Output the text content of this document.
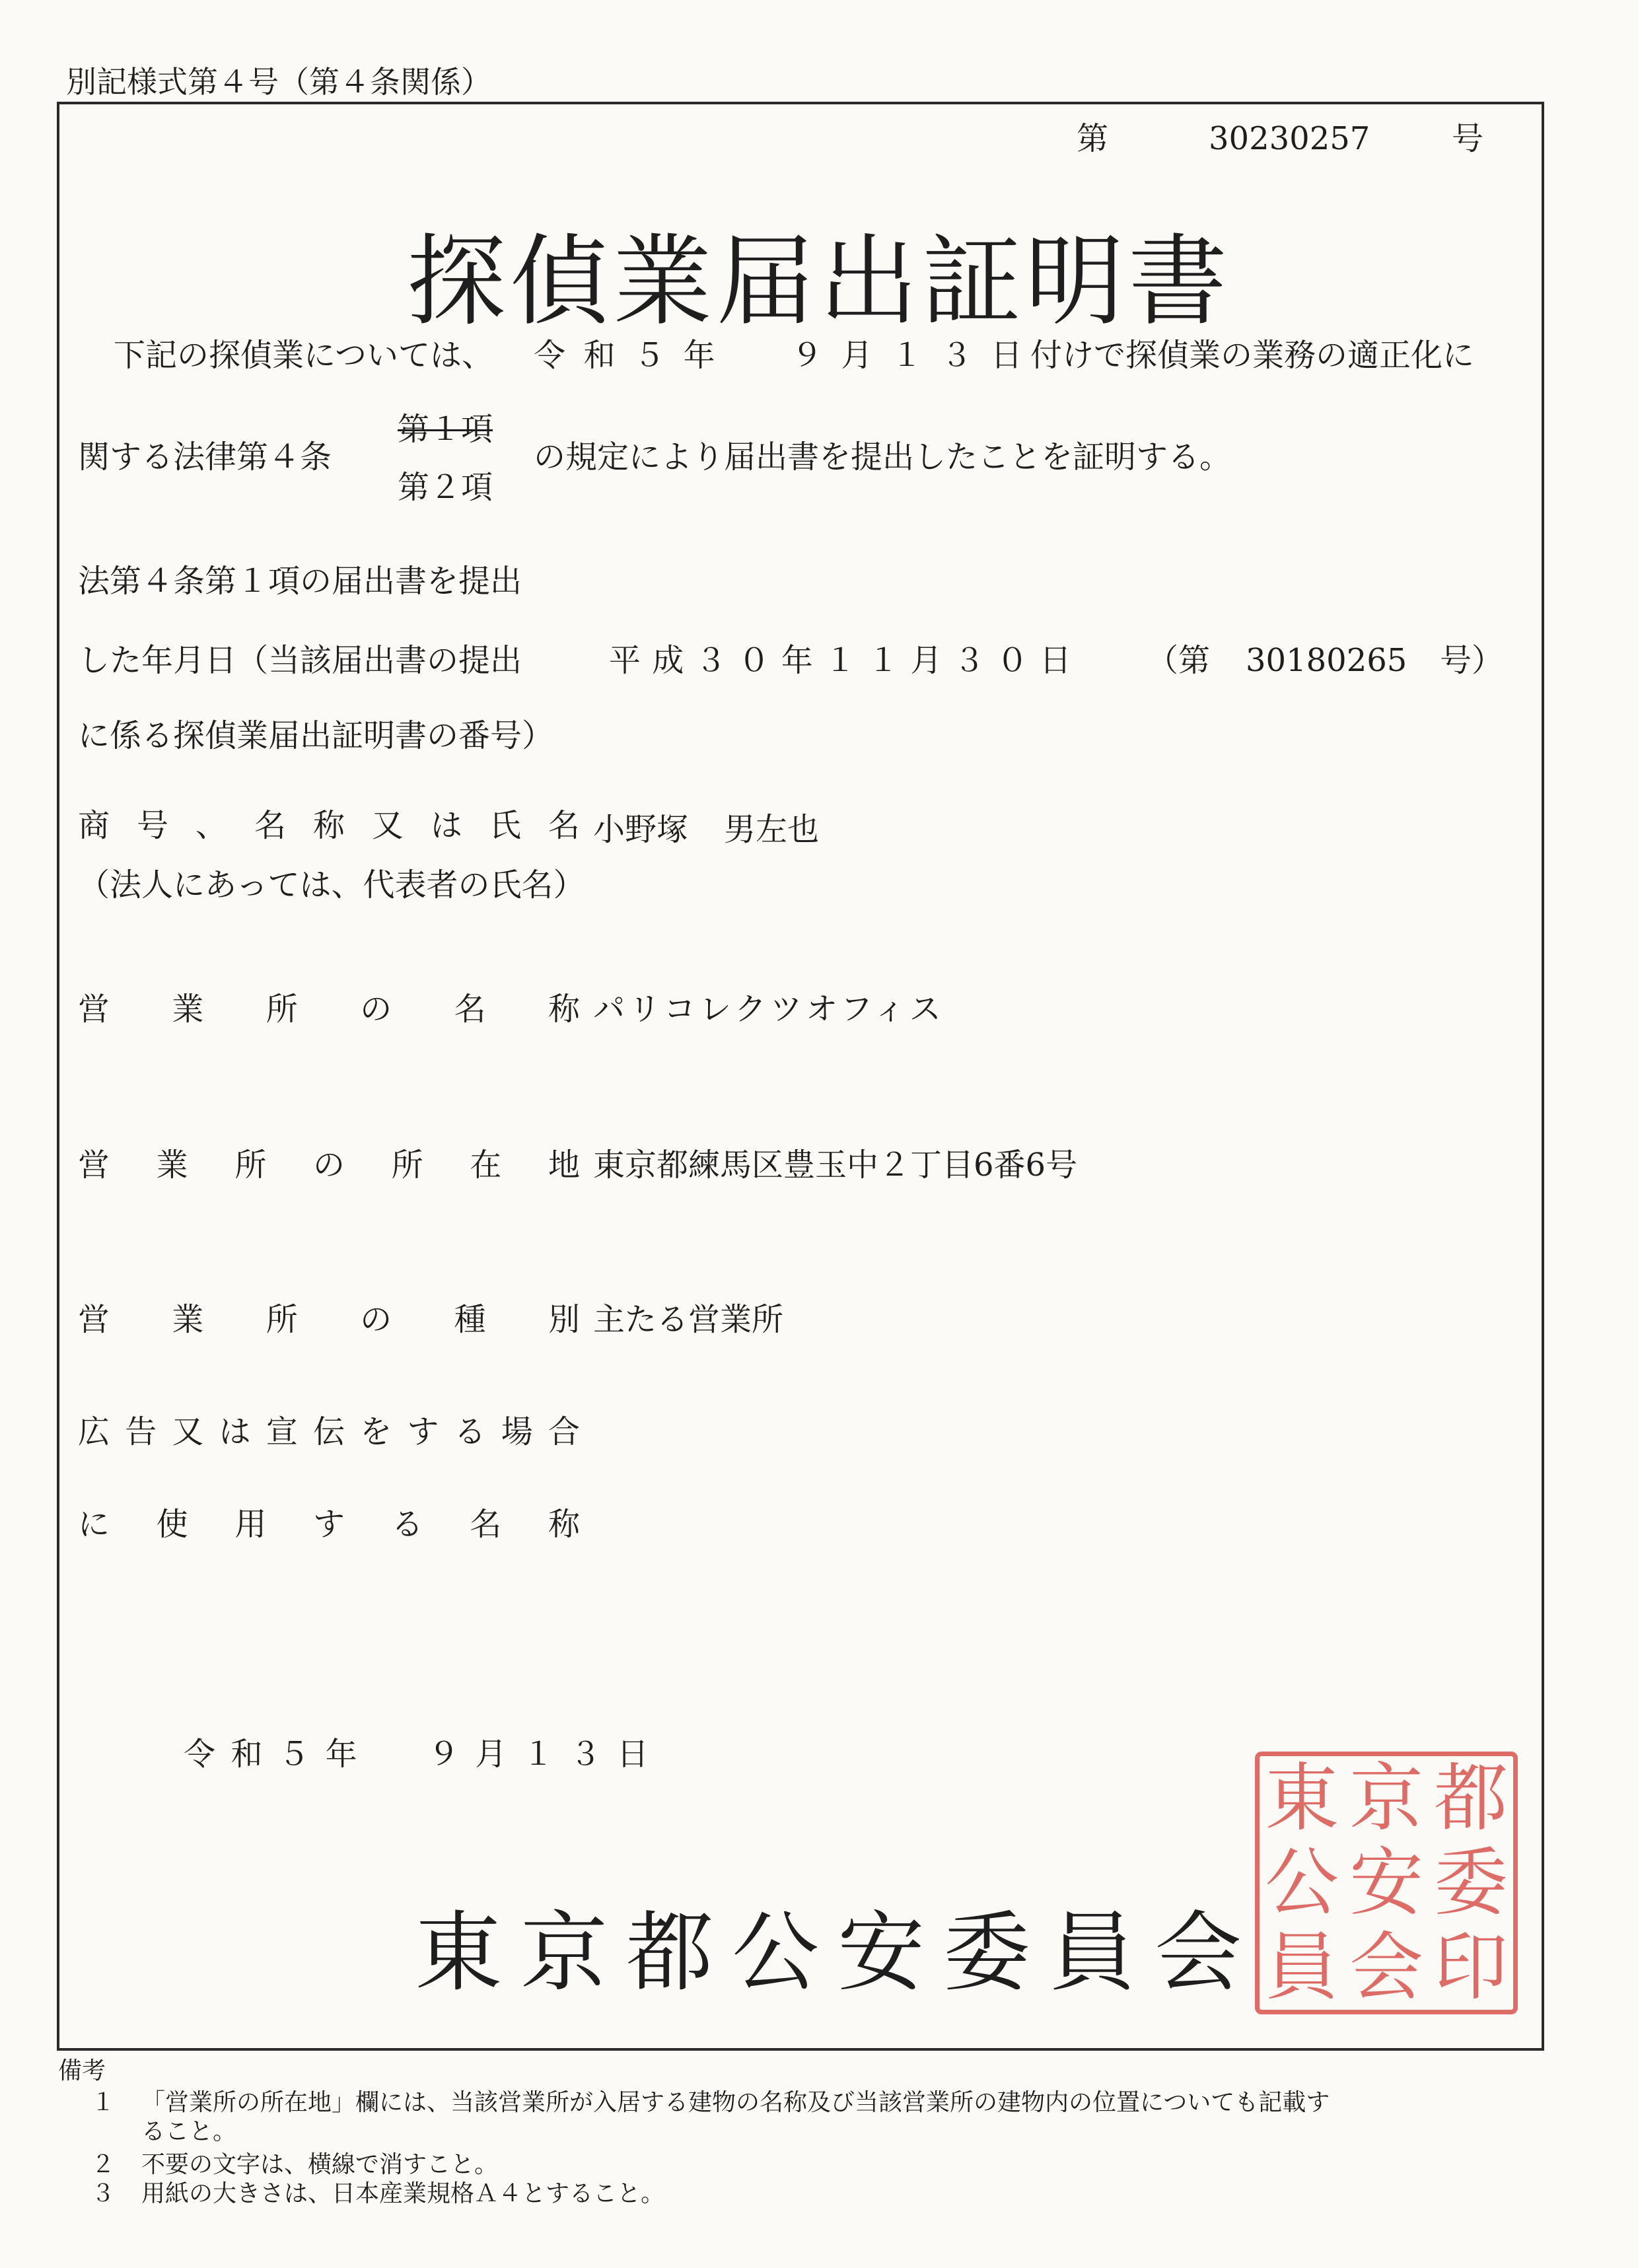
別記様式第４号（第４条関係）
第	30230257	号
探偵業届出証明書
下記の探偵業については、 令 和 ５ 年 ９ 月 １ ３ 日 付けで探偵業の業務の適正化に
関する法律第４条
第１項
第２項
の規定により届出書を提出したことを証明する。
法第４条第１項の届出書を提出
した年月日（当該届出書の提出
に係る探偵業届出証明書の番号）
平 成 ３ ０ 年 １ １ 月 ３ ０ 日 （第 30180265 号）
商 号 、 名 称 又 は 氏 名
（法人にあっては、代表者の氏名）
小野塚 男左也
営 業 所 の 名 称 パリコレクツオフィス
営 業 所 の 所 在 地 東京都練馬区豊玉中２丁目6番6号
営 業 所 の 種 別 主たる営業所
広 告 又 は 宣 伝 を す る 場 合
に 使 用 す る 名 称
令 和 ５ 年 ９ 月 １ ３ 日
東京都公安委員会
東 京 都
公 安 委
員 会 印
備考
１ 「営業所の所在地」欄には、当該営業所が入居する建物の名称及び当該営業所の建物内の位置についても記載す
ること。
２ 不要の文字は、横線で消すこと。
３ 用紙の大きさは、日本産業規格Ａ４とすること。
